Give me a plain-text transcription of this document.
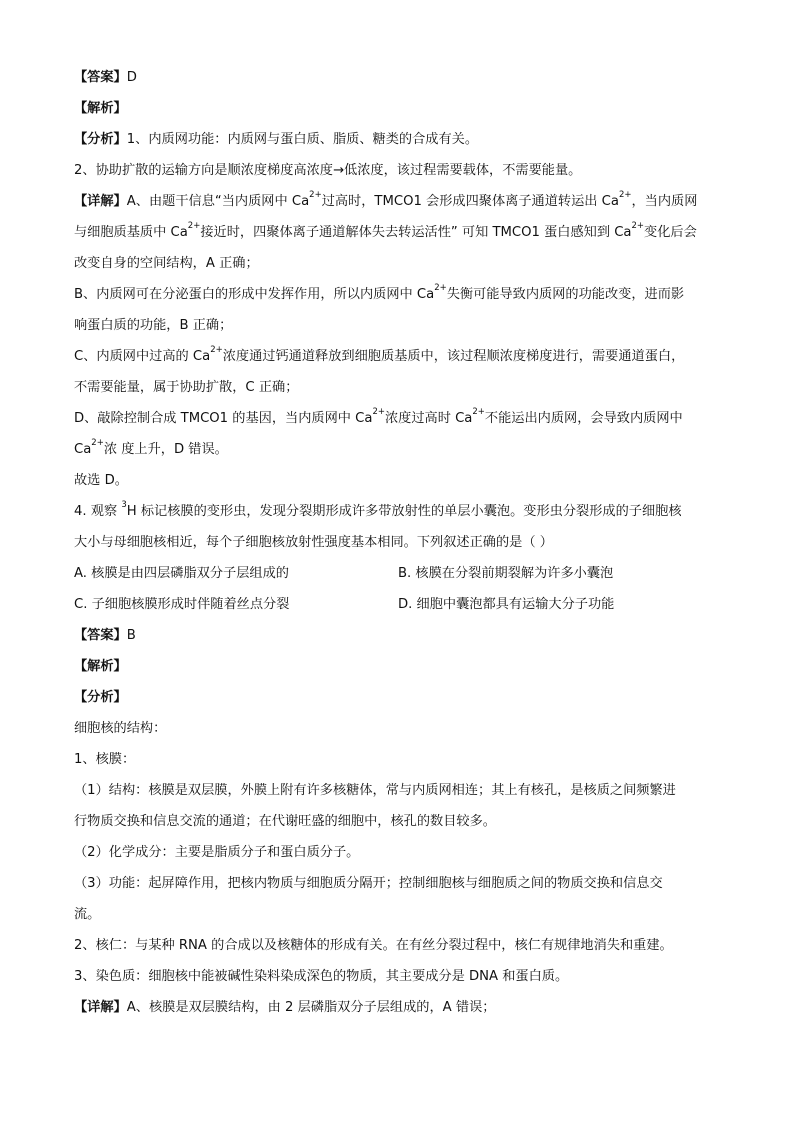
【答案】D
【解析】
【分析】1、内质网功能：内质网与蛋白质、脂质、糖类的合成有关。
2、协助扩散的运输方向是顺浓度梯度高浓度→低浓度，该过程需要载体，不需要能量。
【详解】A、由题干信息“当内质网中 $Ca^{2+}$过高时，TMCO1 会形成四聚体离子通道转运出 $Ca^{2+}$，当内质网
与细胞质基质中 $Ca^{2+}$接近时，四聚体离子通道解体失去转运活性” 可知 TMCO1 蛋白感知到 $Ca^{2+}$变化后会
改变自身的空间结构，A 正确；
B、内质网可在分泌蛋白的形成中发挥作用，所以内质网中 $Ca^{2+}$失衡可能导致内质网的功能改变，进而影
响蛋白质的功能，B 正确；
C、内质网中过高的 $Ca^{2+}$浓度通过钙通道释放到细胞质基质中，该过程顺浓度梯度进行，需要通道蛋白，
不需要能量，属于协助扩散，C 正确；
D、敲除控制合成 TMCO1 的基因，当内质网中 $Ca^{2+}$浓度过高时 $Ca^{2+}$不能运出内质网，会导致内质网中
$Ca^{2+}$浓 度上升，D 错误。
故选 D。
4. 观察 $^3$H 标记核膜的变形虫，发现分裂期形成许多带放射性的单层小囊泡。变形虫分裂形成的子细胞核
大小与母细胞核相近，每个子细胞核放射性强度基本相同。下列叙述正确的是（ ）
A. 核膜是由四层磷脂双分子层组成的	B. 核膜在分裂前期裂解为许多小囊泡
C. 子细胞核膜形成时伴随着丝点分裂	D. 细胞中囊泡都具有运输大分子功能
【答案】B
【解析】
【分析】
细胞核的结构：
1、核膜：
（1）结构：核膜是双层膜，外膜上附有许多核糖体，常与内质网相连；其上有核孔，是核质之间频繁进
行物质交换和信息交流的通道；在代谢旺盛的细胞中，核孔的数目较多。
（2）化学成分：主要是脂质分子和蛋白质分子。
（3）功能：起屏障作用，把核内物质与细胞质分隔开；控制细胞核与细胞质之间的物质交换和信息交
流。
2、核仁：与某种 RNA 的合成以及核糖体的形成有关。在有丝分裂过程中，核仁有规律地消失和重建。
3、染色质：细胞核中能被碱性染料染成深色的物质，其主要成分是 DNA 和蛋白质。
【详解】A、核膜是双层膜结构，由 2 层磷脂双分子层组成的，A 错误；
